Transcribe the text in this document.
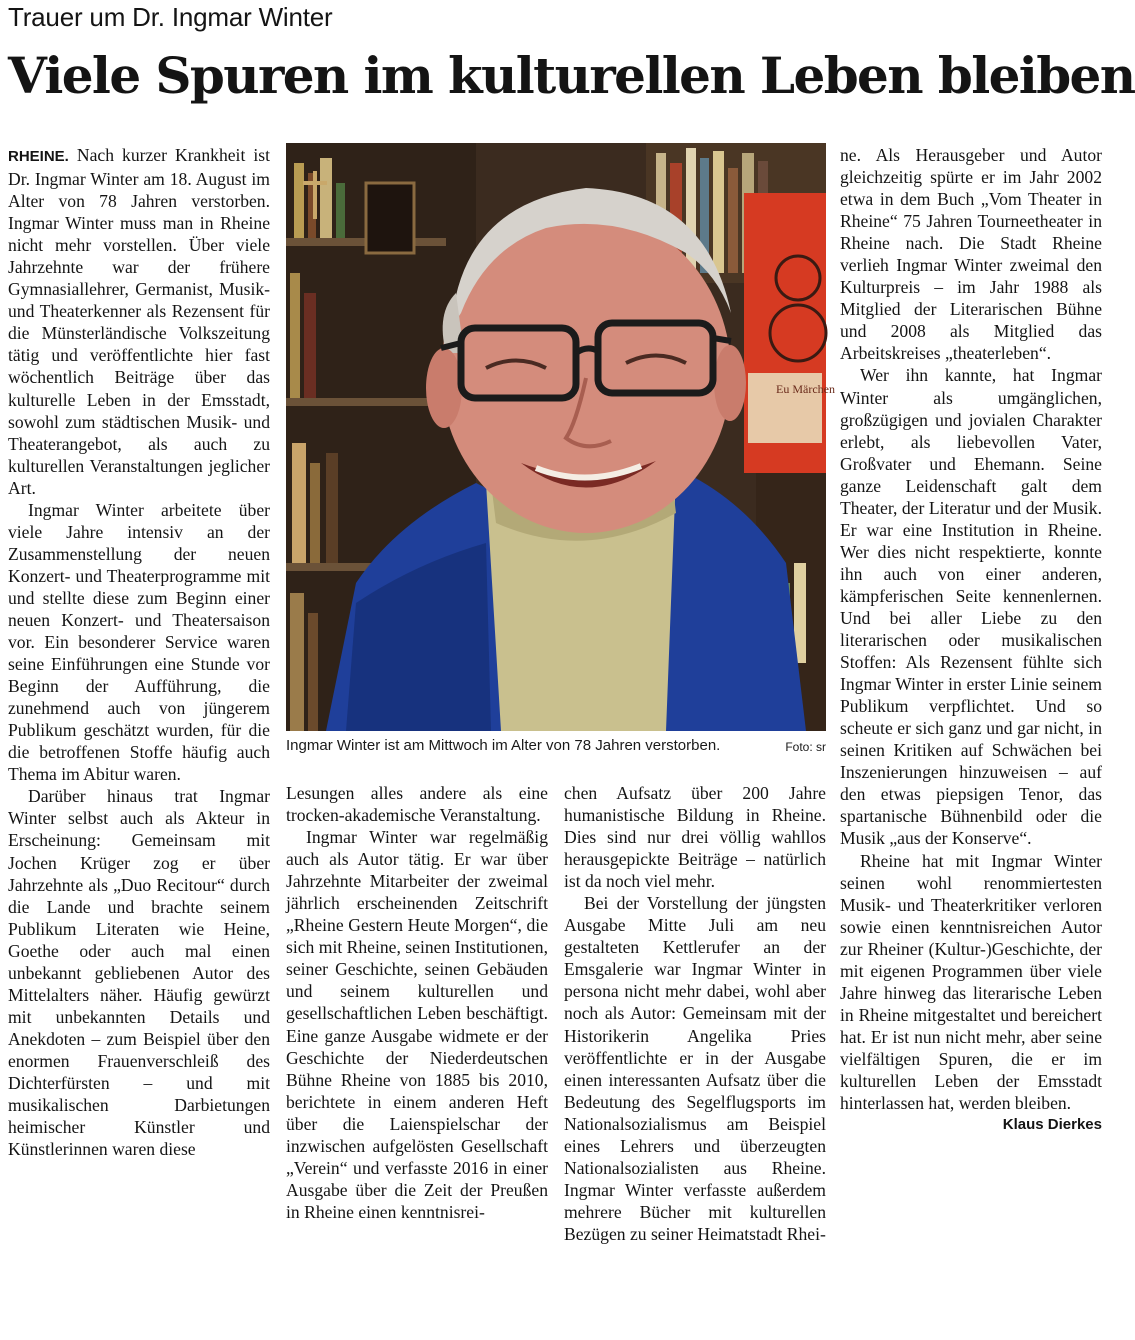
Trauer um Dr. Ingmar Winter
Viele Spuren im kulturellen Leben bleiben

RHEINE. Nach kurzer Krankheit ist Dr. Ingmar Winter am 18. August im Alter von 78 Jahren verstorben. Ingmar Winter muss man in Rheine nicht mehr vorstellen. Über viele Jahrzehnte war der frühere Gymnasiallehrer, Germanist, Musik- und Theaterkenner als Rezensent für die Münsterländische Volkszeitung tätig und veröffentlichte hier fast wöchentlich Beiträge über das kulturelle Leben in der Emsstadt, sowohl zum städtischen Musik- und Theaterangebot, als auch zu kulturellen Veranstaltungen jeglicher Art.

Ingmar Winter arbeitete über viele Jahre intensiv an der Zusammenstellung der neuen Konzert- und Theaterprogramme mit und stellte diese zum Beginn einer neuen Konzert- und Theatersaison vor. Ein besonderer Service waren seine Einführungen eine Stunde vor Beginn der Aufführung, die zunehmend auch von jüngerem Publikum geschätzt wurden, für die die betroffenen Stoffe häufig auch Thema im Abitur waren.

Darüber hinaus trat Ingmar Winter selbst auch als Akteur in Erscheinung: Gemeinsam mit Jochen Krüger zog er über Jahrzehnte als „Duo Recitour“ durch die Lande und brachte seinem Publikum Literaten wie Heine, Goethe oder auch mal einen unbekannt gebliebenen Autor des Mittelalters näher. Häufig gewürzt mit unbekannten Details und Anekdoten – zum Beispiel über den enormen Frauenverschleiß des Dichterfürsten – und mit musikalischen Darbietungen heimischer Künstler und Künstlerinnen waren diese

Eu Märchen
Ingmar Winter ist am Mittwoch im Alter von 78 Jahren verstorben.	Foto: sr

Lesungen alles andere als eine trocken-akademische Veranstaltung.

Ingmar Winter war regelmäßig auch als Autor tätig. Er war über Jahrzehnte Mitarbeiter der zweimal jährlich erscheinenden Zeitschrift „Rheine Gestern Heute Morgen“, die sich mit Rheine, seinen Institutionen, seiner Geschichte, seinen Gebäuden und seinem kulturellen und gesellschaftlichen Leben beschäftigt. Eine ganze Ausgabe widmete er der Geschichte der Niederdeutschen Bühne Rheine von 1885 bis 2010, berichtete in einem anderen Heft über die Laienspielschar der inzwischen aufgelösten Gesellschaft „Verein“ und verfasste 2016 in einer Ausgabe über die Zeit der Preußen in Rheine einen kenntnisrei-

chen Aufsatz über 200 Jahre humanistische Bildung in Rheine. Dies sind nur drei völlig wahllos herausgepickte Beiträge – natürlich ist da noch viel mehr.

Bei der Vorstellung der jüngsten Ausgabe Mitte Juli am neu gestalteten Kettlerufer an der Emsgalerie war Ingmar Winter in persona nicht mehr dabei, wohl aber noch als Autor: Gemeinsam mit der Historikerin Angelika Pries veröffentlichte er in der Ausgabe einen interessanten Aufsatz über die Bedeutung des Segelflugsports im Nationalsozialismus am Beispiel eines Lehrers und überzeugten Nationalsozialisten aus Rheine. Ingmar Winter verfasste außerdem mehrere Bücher mit kulturellen Bezügen zu seiner Heimatstadt Rhei-

ne. Als Herausgeber und Autor gleichzeitig spürte er im Jahr 2002 etwa in dem Buch „Vom Theater in Rheine“ 75 Jahren Tourneetheater in Rheine nach. Die Stadt Rheine verlieh Ingmar Winter zweimal den Kulturpreis – im Jahr 1988 als Mitglied der Literarischen Bühne und 2008 als Mitglied das Arbeitskreises „theaterleben“.

Wer ihn kannte, hat Ingmar Winter als umgänglichen, großzügigen und jovialen Charakter erlebt, als liebevollen Vater, Großvater und Ehemann. Seine ganze Leidenschaft galt dem Theater, der Literatur und der Musik. Er war eine Institution in Rheine. Wer dies nicht respektierte, konnte ihn auch von einer anderen, kämpferischen Seite kennenlernen. Und bei aller Liebe zu den literarischen oder musikalischen Stoffen: Als Rezensent fühlte sich Ingmar Winter in erster Linie seinem Publikum verpflichtet. Und so scheute er sich ganz und gar nicht, in seinen Kritiken auf Schwächen bei Inszenierungen hinzuweisen – auf den etwas piepsigen Tenor, das spartanische Bühnenbild oder die Musik „aus der Konserve“.

Rheine hat mit Ingmar Winter seinen wohl renommiertesten Musik- und Theaterkritiker verloren sowie einen kenntnisreichen Autor zur Rheiner (Kultur-)Geschichte, der mit eigenen Programmen über viele Jahre hinweg das literarische Leben in Rheine mitgestaltet und bereichert hat. Er ist nun nicht mehr, aber seine vielfältigen Spuren, die er im kulturellen Leben der Emsstadt hinterlassen hat, werden bleiben.
Klaus Dierkes
